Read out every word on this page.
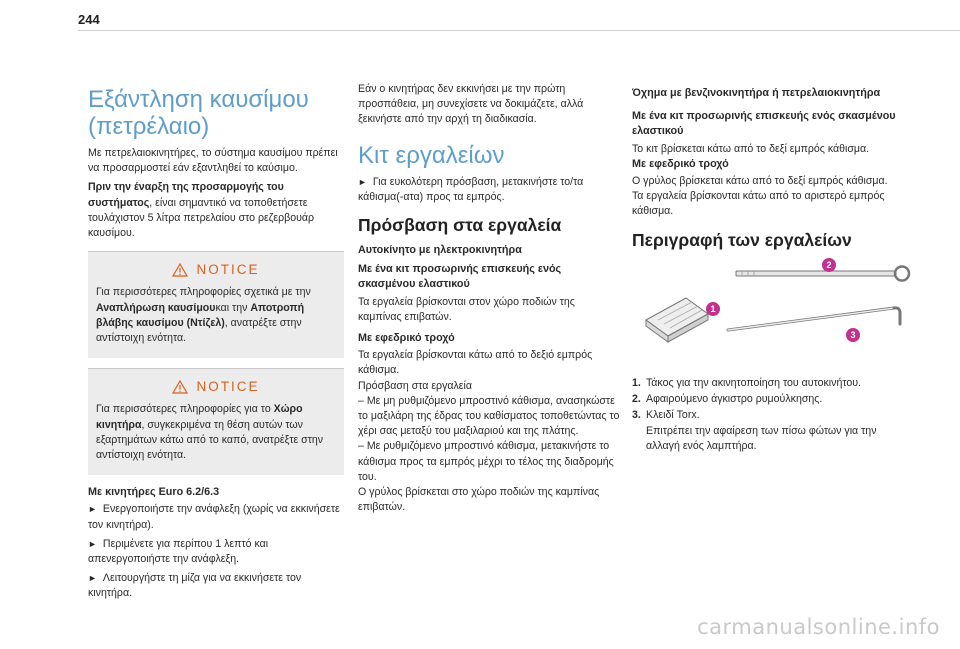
244
Εξάντληση καυσίμου (πετρέλαιο)

Με πετρελαιοκινητήρες, το σύστημα καυσίμου πρέπει να προσαρμοστεί εάν εξαντληθεί το καύσιμο.

Πριν την έναρξη της προσαρμογής του συστήματος, είναι σημαντικό να τοποθετήσετε τουλάχιστον 5 λίτρα πετρελαίου στο ρεζερβουάρ καυσίμου.

NOTICE

Για περισσότερες πληροφορίες σχετικά με την Αναπλήρωση καυσίμουκαι την Αποτροπή βλάβης καυσίμου (Ντίζελ), ανατρέξτε στην αντίστοιχη ενότητα.

NOTICE

Για περισσότερες πληροφορίες για το Χώρο κινητήρα, συγκεκριμένα τη θέση αυτών των εξαρτημάτων κάτω από το καπό, ανατρέξτε στην αντίστοιχη ενότητα.

Με κινητήρες Euro 6.2/6.3

► Ενεργοποιήστε την ανάφλεξη (χωρίς να εκκινήσετε τον κινητήρα).

► Περιμένετε για περίπου 1 λεπτό και απενεργοποιήστε την ανάφλεξη.

► Λειτουργήστε τη μίζα για να εκκινήσετε τον κινητήρα.

Εάν ο κινητήρας δεν εκκινήσει με την πρώτη προσπάθεια, μη συνεχίσετε να δοκιμάζετε, αλλά ξεκινήστε από την αρχή τη διαδικασία.

Κιτ εργαλείων

► Για ευκολότερη πρόσβαση, μετακινήστε το/τα κάθισμα(-ατα) προς τα εμπρός.

Πρόσβαση στα εργαλεία
Αυτοκίνητο με ηλεκτροκινητήρα
Με ένα κιτ προσωρινής επισκευής ενός σκασμένου ελαστικού

Τα εργαλεία βρίσκονται στον χώρο ποδιών της καμπίνας επιβατών.

Με εφεδρικό τροχό

Τα εργαλεία βρίσκονται κάτω από το δεξιό εμπρός κάθισμα.

Πρόσβαση στα εργαλεία

– Με μη ρυθμιζόμενο μπροστινό κάθισμα, ανασηκώστε το μαξιλάρη της έδρας του καθίσματος τοποθετώντας το χέρι σας μεταξύ του μαξιλαριού και της πλάτης.

– Με ρυθμιζόμενο μπροστινό κάθισμα, μετακινήστε το κάθισμα προς τα εμπρός μέχρι το τέλος της διαδρομής του.

Ο γρύλος βρίσκεται στο χώρο ποδιών της καμπίνας επιβατών.

Όχημα με βενζινοκινητήρα ή πετρελαιοκινητήρα
Με ένα κιτ προσωρινής επισκευής ενός σκασμένου ελαστικού

Το κιτ βρίσκεται κάτω από το δεξί εμπρός κάθισμα.

Με εφεδρικό τροχό

Ο γρύλος βρίσκεται κάτω από το δεξί εμπρός κάθισμα.

Τα εργαλεία βρίσκονται κάτω από το αριστερό εμπρός κάθισμα.

Περιγραφή των εργαλείων
1
2
3
1. Τάκος για την ακινητοποίηση του αυτοκινήτου.
2. Αφαιρούμενο άγκιστρο ρυμούλκησης.
3. Κλειδί Torx.

Επιτρέπει την αφαίρεση των πίσω φώτων για την αλλαγή ενός λαμπτήρα.

carmanualsonline.info
